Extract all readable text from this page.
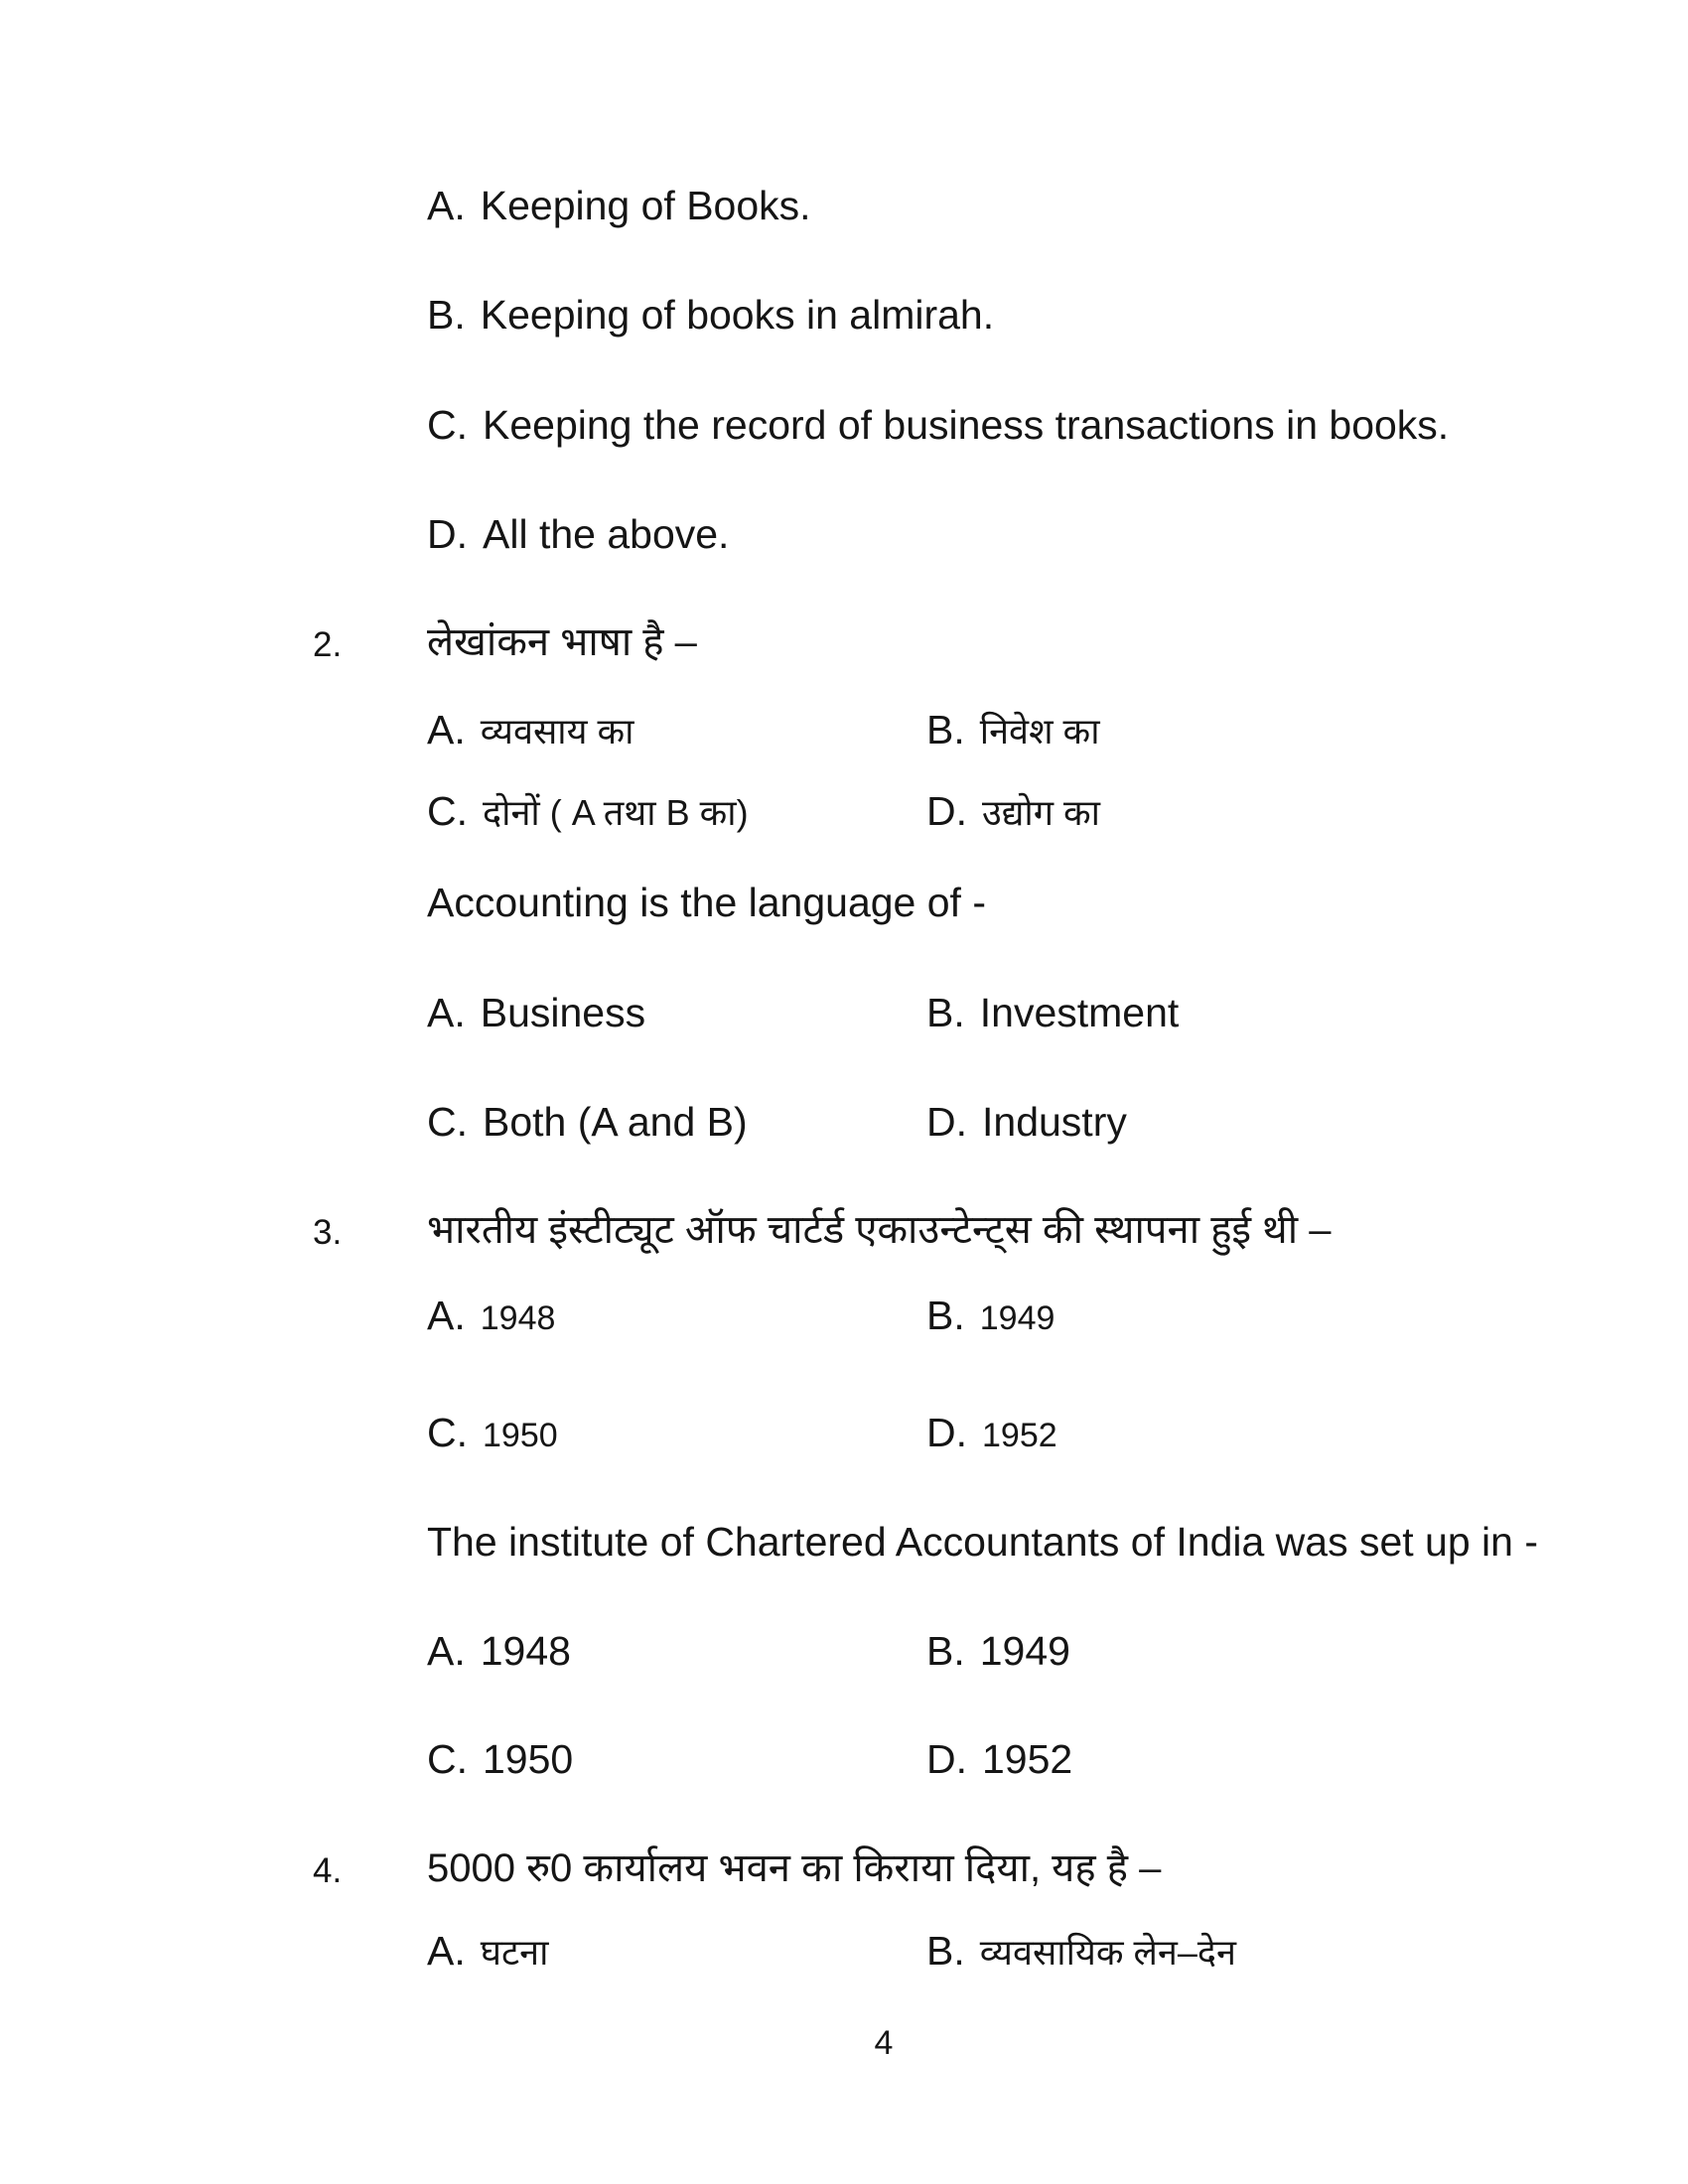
A. Keeping of Books.
B. Keeping of books in almirah.
C. Keeping the record of business transactions in books.
D. All the above.
2.	लेखांकन भाषा है –
A. व्यवसाय का	B. निवेश का
C. दोनों ( A तथा B का)	D. उद्योग का
Accounting is the language of -
A. Business	B. Investment
C. Both (A and B)	D. Industry
3.	भारतीय इंस्टीट्यूट ऑफ चार्टर्ड एकाउन्टेन्ट्स की स्थापना हुई थी –
A. 1948	B. 1949
C. 1950	D. 1952
The institute of Chartered Accountants of India was set up in -
A. 1948	B. 1949
C. 1950	D. 1952
4.	5000 रु0 कार्यालय भवन का किराया दिया, यह है –
A. घटना	B. व्यवसायिक लेन–देन
4
